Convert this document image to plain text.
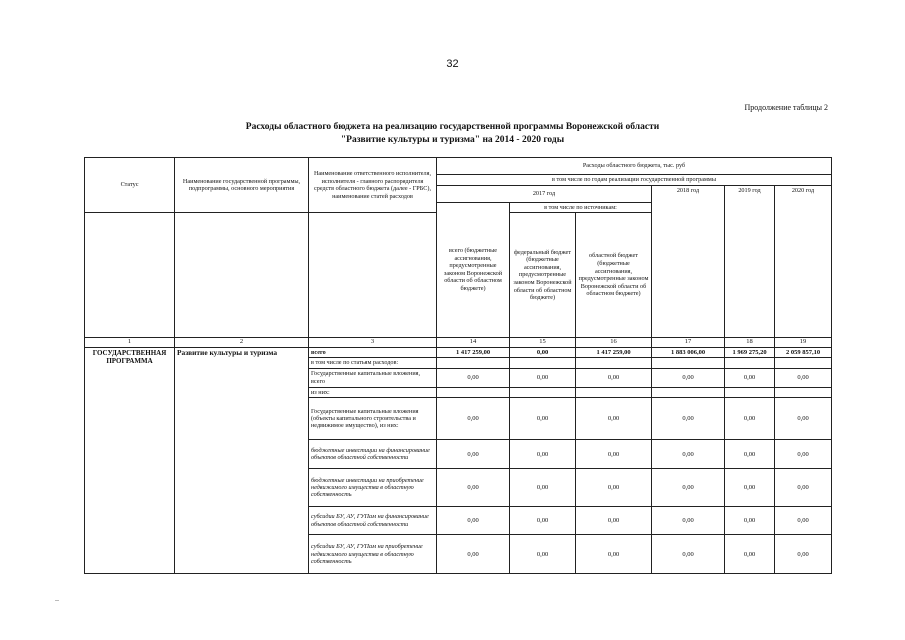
32
Продолжение таблицы 2
Расходы областного бюджета на реализацию государственной программы Воронежской области
"Развитие культуры и туризма" на 2014 - 2020 годы
Статус	Наименование государственной программы, подпрограммы, основного мероприятия	Наименование ответственного исполнителя, исполнителя - главного распорядителя средств областного бюджета (далее - ГРБС), наименование статей расходов	Расходы областного бюджета, тыс. руб					
			в том числе по годам реализации государственной программы					
			2017 год			2018 год	2019 год	2020 год
			всего (бюджетные ассигнования, предусмотренные законом Воронежской области об областном бюджете)	в том числе по источникам:				
				федеральный бюджет (бюджетные ассигнования, предусмотренные законом Воронежской области об областном бюджете)	областной бюджет (бюджетные ассигнования, предусмотренные законом Воронежской области об областном бюджете)			
1	2	3	14	15	16	17	18	19
ГОСУДАРСТВЕННАЯ ПРОГРАММА	Развитие культуры и туризма	всего	1 417 259,00	0,00	1 417 259,00	1 883 006,00	1 969 275,20	2 059 857,10
		в том числе по статьям расходов:						
		Государственные капитальные вложения, всего	0,00	0,00	0,00	0,00	0,00	0,00
		из них:						
		Государственные капитальные вложения (объекты капитального строительства и недвижимое имущество), из них:	0,00	0,00	0,00	0,00	0,00	0,00
		бюджетные инвестиции на финансирование объектов областной собственности	0,00	0,00	0,00	0,00	0,00	0,00
		бюджетные инвестиции на приобретение недвижимого имущества в областную собственность	0,00	0,00	0,00	0,00	0,00	0,00
		субсидии БУ, АУ, ГУПам на финансирование объектов областной собственности	0,00	0,00	0,00	0,00	0,00	0,00
		субсидии БУ, АУ, ГУПам на приобретение недвижимого имущества в областную собственность	0,00	0,00	0,00	0,00	0,00	0,00
